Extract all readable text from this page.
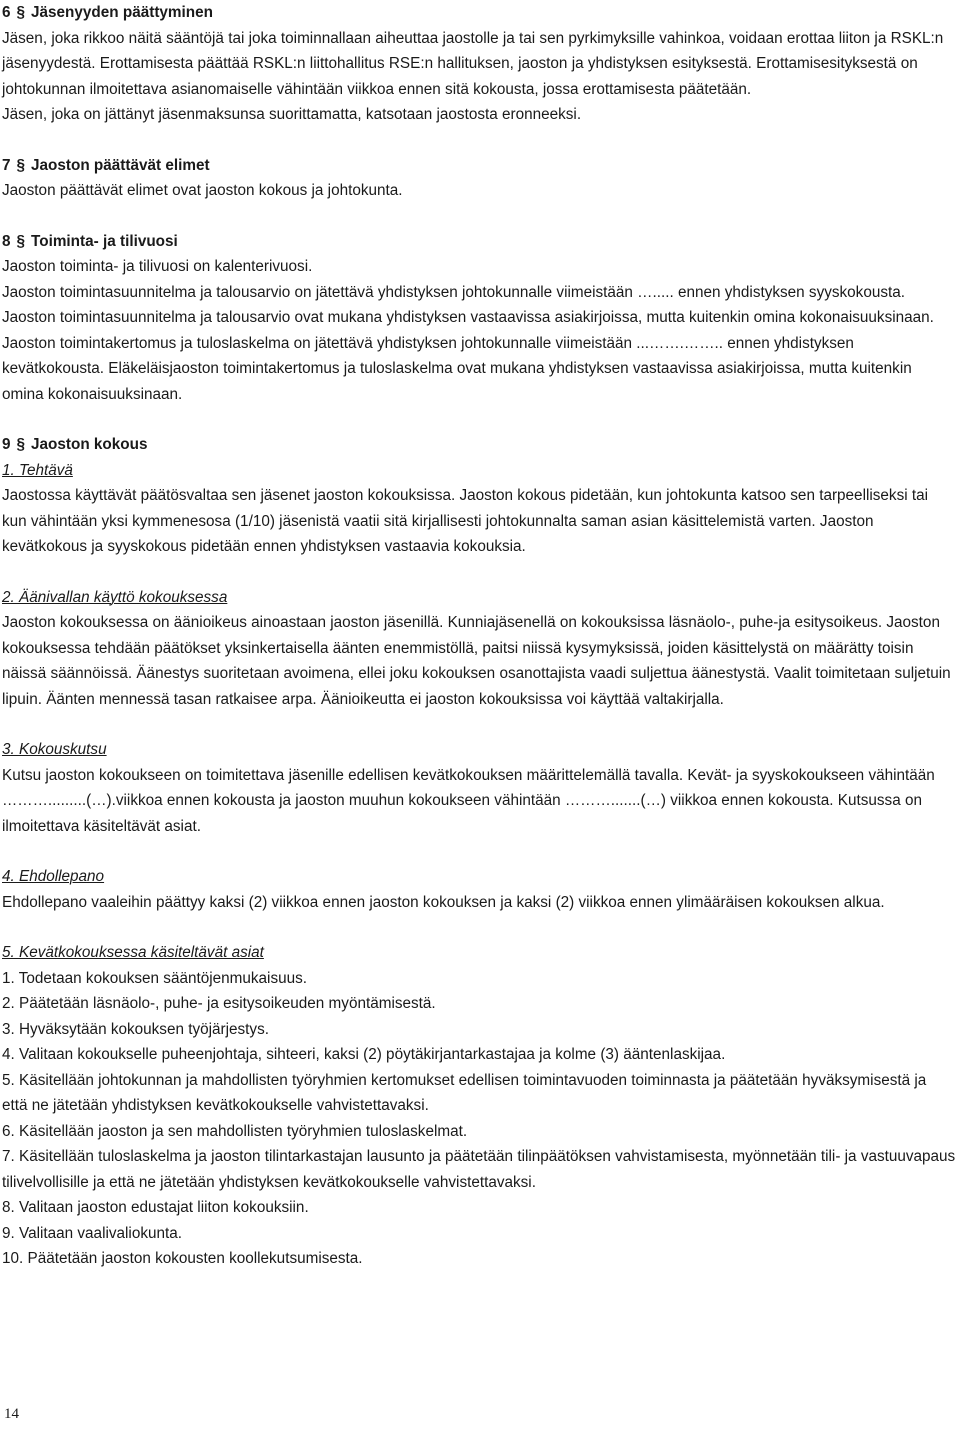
6 § Jäsenyyden päättyminen

Jäsen, joka rikkoo näitä sääntöjä tai joka toiminnallaan aiheuttaa jaostolle ja tai sen pyrkimyksille vahinkoa, voidaan erottaa liiton ja RSKL:n jäsenyydestä. Erottamisesta päättää RSKL:n liittohallitus RSE:n hallituksen, jaoston ja yhdistyksen esityksestä. Erottamisesityksestä on johtokunnan ilmoitettava asianomaiselle vähintään viikkoa ennen sitä kokousta, jossa erottamisesta päätetään.

Jäsen, joka on jättänyt jäsenmaksunsa suorittamatta, katsotaan jaostosta eronneeksi.

7 § Jaoston päättävät elimet

Jaoston päättävät elimet ovat jaoston kokous ja johtokunta.

8 § Toiminta- ja tilivuosi

Jaoston toiminta- ja tilivuosi on kalenterivuosi.

Jaoston toimintasuunnitelma ja talousarvio on jätettävä yhdistyksen johtokunnalle viimeistään …..... ennen yhdistyksen syyskokousta. Jaoston toimintasuunnitelma ja talousarvio ovat mukana yhdistyksen vastaavissa asiakirjoissa, mutta kuitenkin omina kokonaisuuksinaan. Jaoston toimintakertomus ja tuloslaskelma on jätettävä yhdistyksen johtokunnalle viimeistään ...…….…….. ennen yhdistyksen kevätkokousta. Eläkeläisjaoston toimintakertomus ja tuloslaskelma ovat mukana yhdistyksen vastaavissa asiakirjoissa, mutta kuitenkin omina kokonaisuuksinaan.

9 § Jaoston kokous

1. Tehtävä

Jaostossa käyttävät päätösvaltaa sen jäsenet jaoston kokouksissa. Jaoston kokous pidetään, kun johtokunta katsoo sen tarpeelliseksi tai kun vähintään yksi kymmenesosa (1/10) jäsenistä vaatii sitä kirjallisesti johtokunnalta saman asian käsittelemistä varten. Jaoston kevätkokous ja syyskokous pidetään ennen yhdistyksen vastaavia kokouksia.

2. Äänivallan käyttö kokouksessa

Jaoston kokouksessa on äänioikeus ainoastaan jaoston jäsenillä. Kunniajäsenellä on kokouksissa läsnäolo-, puhe-ja esitysoikeus. Jaoston kokouksessa tehdään päätökset yksinkertaisella äänten enemmistöllä, paitsi niissä kysymyksissä, joiden käsittelystä on määrätty toisin näissä säännöissä. Äänestys suoritetaan avoimena, ellei joku kokouksen osanottajista vaadi suljettua äänestystä. Vaalit toimitetaan suljetuin lipuin. Äänten mennessä tasan ratkaisee arpa. Äänioikeutta ei jaoston kokouksissa voi käyttää valtakirjalla.

3. Kokouskutsu

Kutsu jaoston kokoukseen on toimitettava jäsenille edellisen kevätkokouksen määrittelemällä tavalla. Kevät- ja syyskokoukseen vähintään ……….........(…).viikkoa ennen kokousta ja jaoston muuhun kokoukseen vähintään ……….......(…) viikkoa ennen kokousta. Kutsussa on ilmoitettava käsiteltävät asiat.

4. Ehdollepano

Ehdollepano vaaleihin päättyy kaksi (2) viikkoa ennen jaoston kokouksen ja kaksi (2) viikkoa ennen ylimääräisen kokouksen alkua.

5. Kevätkokouksessa käsiteltävät asiat

1. Todetaan kokouksen sääntöjenmukaisuus.
2. Päätetään läsnäolo-, puhe- ja esitysoikeuden myöntämisestä.
3. Hyväksytään kokouksen työjärjestys.
4. Valitaan kokoukselle puheenjohtaja, sihteeri, kaksi (2) pöytäkirjantarkastajaa ja kolme (3) ääntenlaskijaa.
5. Käsitellään johtokunnan ja mahdollisten työryhmien kertomukset edellisen toimintavuoden toiminnasta ja päätetään hyväksymisestä ja että ne jätetään yhdistyksen kevätkokoukselle vahvistettavaksi.
6. Käsitellään jaoston ja sen mahdollisten työryhmien tuloslaskelmat.
7. Käsitellään tuloslaskelma ja jaoston tilintarkastajan lausunto ja päätetään tilinpäätöksen vahvistamisesta, myönnetään tili- ja vastuuvapaus tilivelvollisille ja että ne jätetään yhdistyksen kevätkokoukselle vahvistettavaksi.
8. Valitaan jaoston edustajat liiton kokouksiin.
9. Valitaan vaalivaliokunta.
10. Päätetään jaoston kokousten koollekutsumisesta.
14
